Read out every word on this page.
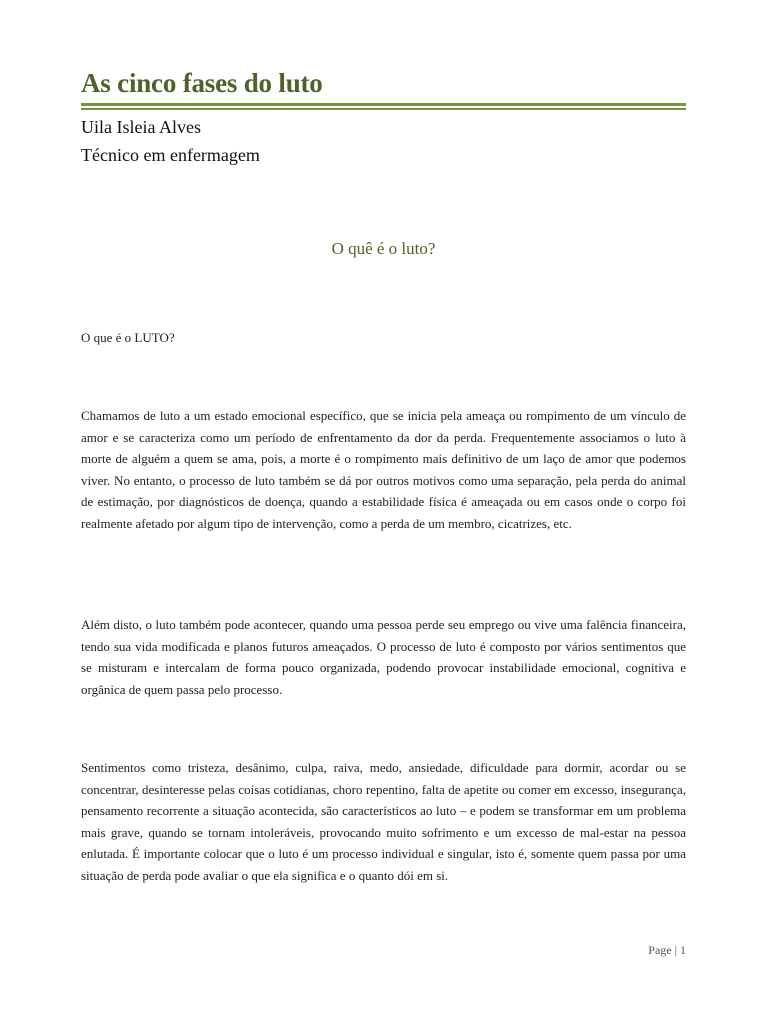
As cinco fases do luto
Uila Isleia Alves
Técnico em enfermagem
O quê é o luto?
O que é o LUTO?

Chamamos de luto a um estado emocional específico, que se inicia pela ameaça ou rompimento de um vínculo de amor e se caracteriza como um período de enfrentamento da dor da perda. Frequentemente associamos o luto à morte de alguém a quem se ama, pois, a morte é o rompimento mais definitivo de um laço de amor que podemos viver. No entanto, o processo de luto também se dá por outros motivos como uma separação, pela perda do animal de estimação, por diagnósticos de doença, quando a estabilidade física é ameaçada ou em casos onde o corpo foi realmente afetado por algum tipo de intervenção, como a perda de um membro, cicatrizes, etc.

Além disto, o luto também pode acontecer, quando uma pessoa perde seu emprego ou vive uma falência financeira, tendo sua vida modificada e planos futuros ameaçados. O processo de luto é composto por vários sentimentos que se misturam e intercalam de forma pouco organizada, podendo provocar instabilidade emocional, cognitiva e orgânica de quem passa pelo processo.

Sentimentos como tristeza, desânimo, culpa, raiva, medo, ansiedade, dificuldade para dormir, acordar ou se concentrar, desinteresse pelas coisas cotidianas, choro repentino, falta de apetite ou comer em excesso, insegurança, pensamento recorrente a situação acontecida, são característicos ao luto – e podem se transformar em um problema mais grave, quando se tornam intoleráveis, provocando muito sofrimento e um excesso de mal-estar na pessoa enlutada. É importante colocar que o luto é um processo individual e singular, isto é, somente quem passa por uma situação de perda pode avaliar o que ela significa e o quanto dói em si.

Page | 1
